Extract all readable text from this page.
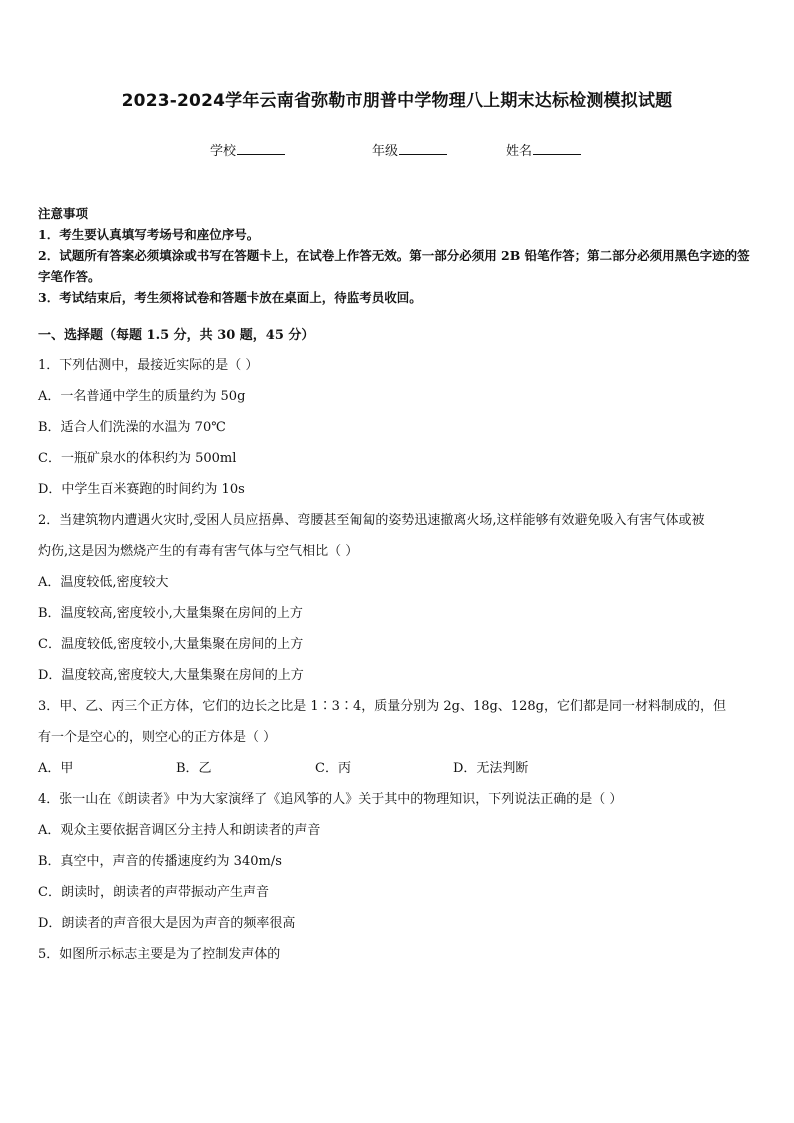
2023-2024学年云南省弥勒市朋普中学物理八上期末达标检测模拟试题
学校	年级	姓名
注意事项
1．考生要认真填写考场号和座位序号。
2．试题所有答案必须填涂或书写在答题卡上，在试卷上作答无效。第一部分必须用 2B 铅笔作答；第二部分必须用黑色字迹的签字笔作答。
3．考试结束后，考生须将试卷和答题卡放在桌面上，待监考员收回。
一、选择题（每题 1.5 分，共 30 题，45 分）
1．下列估测中，最接近实际的是（ ）
A．一名普通中学生的质量约为 50g
B．适合人们洗澡的水温为 70℃
C．一瓶矿泉水的体积约为 500ml
D．中学生百米赛跑的时间约为 10s
2．当建筑物内遭遇火灾时,受困人员应捂鼻、弯腰甚至匍匐的姿势迅速撤离火场,这样能够有效避免吸入有害气体或被
灼伤,这是因为燃烧产生的有毒有害气体与空气相比（ ）
A．温度较低,密度较大
B．温度较高,密度较小,大量集聚在房间的上方
C．温度较低,密度较小,大量集聚在房间的上方
D．温度较高,密度较大,大量集聚在房间的上方
3．甲、乙、丙三个正方体，它们的边长之比是 1∶3∶4，质量分别为 2g、18g、128g，它们都是同一材料制成的，但
有一个是空心的，则空心的正方体是（ ）
A．甲	B．乙	C．丙	D．无法判断
4．张一山在《朗读者》中为大家演绎了《追风筝的人》关于其中的物理知识，下列说法正确的是（ ）
A．观众主要依据音调区分主持人和朗读者的声音
B．真空中，声音的传播速度约为 340m/s
C．朗读时，朗读者的声带振动产生声音
D．朗读者的声音很大是因为声音的频率很高
5．如图所示标志主要是为了控制发声体的
